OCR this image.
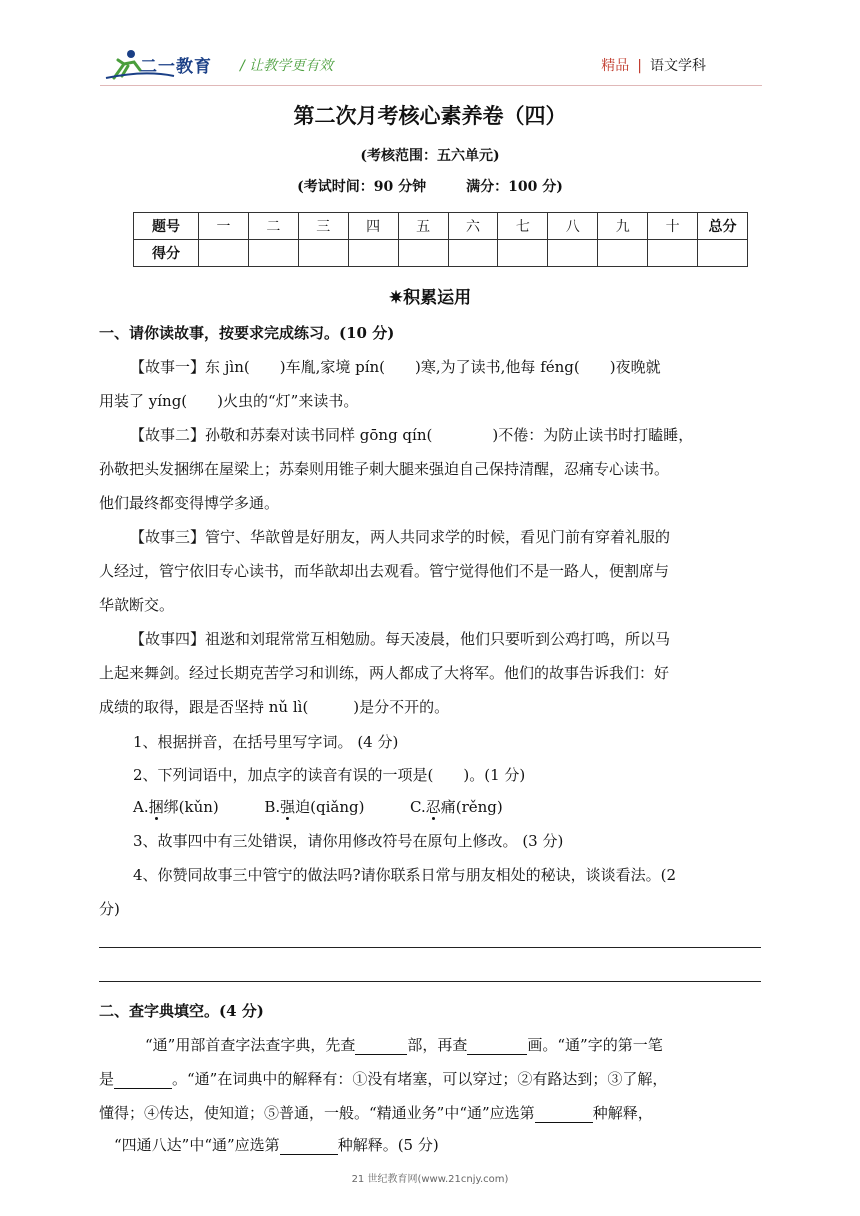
二一教育 / 让教学更有效	精品 | 语文学科
第二次月考核心素养卷（四）
(考核范围：五六单元)
(考试时间：90 分钟	满分：100 分)
题号	一	二	三	四	五	六	七	八	九	十	总分
得分											
✷积累运用
一、请你读故事，按要求完成练习。(10 分)
【故事一】东 jìn(　　)车胤,家境 pín(　　)寒,为了读书,他每 féng(　　)夜晚就
用装了 yíng(　　)火虫的“灯”来读书。
【故事二】孙敬和苏秦对读书同样 gōng qín(　　　　)不倦：为防止读书时打瞌睡，
孙敬把头发捆绑在屋梁上；苏秦则用锥子刺大腿来强迫自己保持清醒，忍痛专心读书。
他们最终都变得博学多通。
【故事三】管宁、华歆曾是好朋友，两人共同求学的时候，看见门前有穿着礼服的
人经过，管宁依旧专心读书，而华歆却出去观看。管宁觉得他们不是一路人，便割席与
华歆断交。
【故事四】祖逖和刘琨常常互相勉励。每天凌晨，他们只要听到公鸡打鸣，所以马
上起来舞剑。经过长期克苦学习和训练，两人都成了大将军。他们的故事告诉我们：好
成绩的取得，跟是否坚持 nǔ lì(　　　)是分不开的。
1、根据拼音，在括号里写字词。 (4 分)
2、下列词语中，加点字的读音有误的一项是(　　)。(1 分)
A.捆绑(kǔn)	B.强迫(qiǎng)	C.忍痛(rěng)
3、故事四中有三处错误，请你用修改符号在原句上修改。 (3 分)
4、你赞同故事三中管宁的做法吗?请你联系日常与朋友相处的秘诀，谈谈看法。(2
分)
二、查字典填空。(4 分)
“通”用部首查字法查字典，先查	部，再查	画。“通”字的第一笔
是	。“通”在词典中的解释有：①没有堵塞，可以穿过；②有路达到；③了解，
懂得；④传达，使知道；⑤普通，一般。“精通业务”中“通”应选第	种解释，
“四通八达”中“通”应选第	种解释。(5 分)
21 世纪教育网(www.21cnjy.com)
